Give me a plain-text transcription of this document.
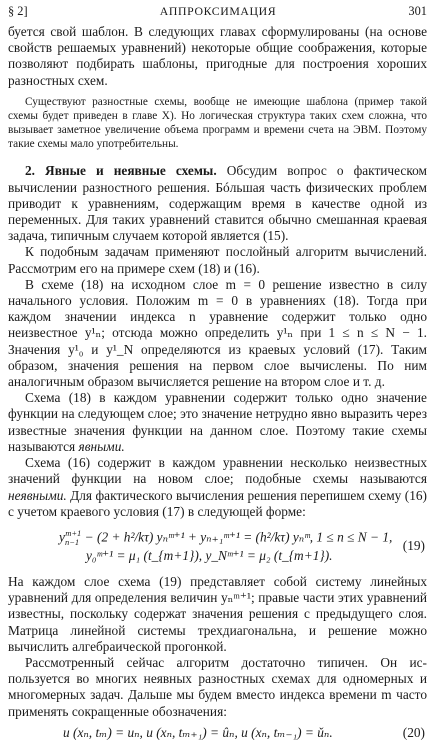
§ 2]	АППРОКСИМАЦИЯ	301

буется свой шаблон. В следующих главах сформулированы (на основе свойств решаемых уравнений) некоторые общие соображения, которые позволяют подбирать шаблоны, пригодные для построения хороших разностных схем.

Существуют разностные схемы, вообще не имеющие шаблона (пример такой схемы будет приведен в главе X). Но логическая структура таких схем сложна, что вызывает заметное увеличение объема программ и времени счета на ЭВМ. Поэтому такие схемы мало употребительны.

2. Явные и неявные схемы. Обсудим вопрос о фактическом вычислении разностного решения. Бóльшая часть физических проблем приводит к уравнениям, содержащим время в качестве одной из переменных. Для таких уравнений ставится обычно смешанная краевая задача, типичным случаем которой является (15).

К подобным задачам применяют послойный алгоритм вычислений. Рассмотрим его на примере схем (18) и (16).

В схеме (18) на исходном слое m = 0 решение известно в силу начального условия. Положим m = 0 в уравнениях (18). Тогда при каждом значении индекса n уравнение содержит только одно неизвестное y¹ₙ; отсюда можно определить y¹ₙ при 1 ≤ n ≤ N − 1. Значения y¹₀ и y¹_N определяются из краевых условий (17). Таким образом, значения решения на первом слое вычислены. По ним аналогичным образом вычисляется решение на втором слое и т. д.

Схема (18) в каждом уравнении содержит только одно значение функции на следующем слое; это значение нетрудно явно выразить через известные значения функции на данном слое. Поэтому такие схемы называются явными.

Схема (16) содержит в каждом уравнении несколько неизвестных значений функции на новом слое; подобные схемы называются неявными. Для фактического вычисления решения перепишем схему (16) с учетом краевого условия (17) в следующей форме:

$y_{n-1}^{m+1} - (2 + h^2/k\tau)$ yₙᵐ⁺¹ + yₙ₊₁ᵐ⁺¹ = (h²/kτ) yₙᵐ, 1 ≤ n ≤ N − 1,
y₀ᵐ⁺¹ = μ₁ (t_{m+1}), y_Nᵐ⁺¹ = μ₂ (t_{m+1}).
(19)

На каждом слое схема (19) представляет собой систему линейных уравнений для определения величин yₙᵐ⁺¹; правые части этих уравнений известны, поскольку содержат значения решения с предыдущего слоя. Матрица линейной системы трехдиагональна, и решение можно вычислить алгебраической прогонкой.

Рассмотренный сейчас алгоритм достаточно типичен. Он используется во многих неявных разностных схемах для одномерных и многомерных задач. Дальше мы будем вместо индекса времени m часто применять сокращенные обозначения:

u (xₙ, tₘ) = uₙ, u (xₙ, tₘ₊₁) = ûₙ, u (xₙ, tₘ₋₁) = ǔₙ.	(20)
